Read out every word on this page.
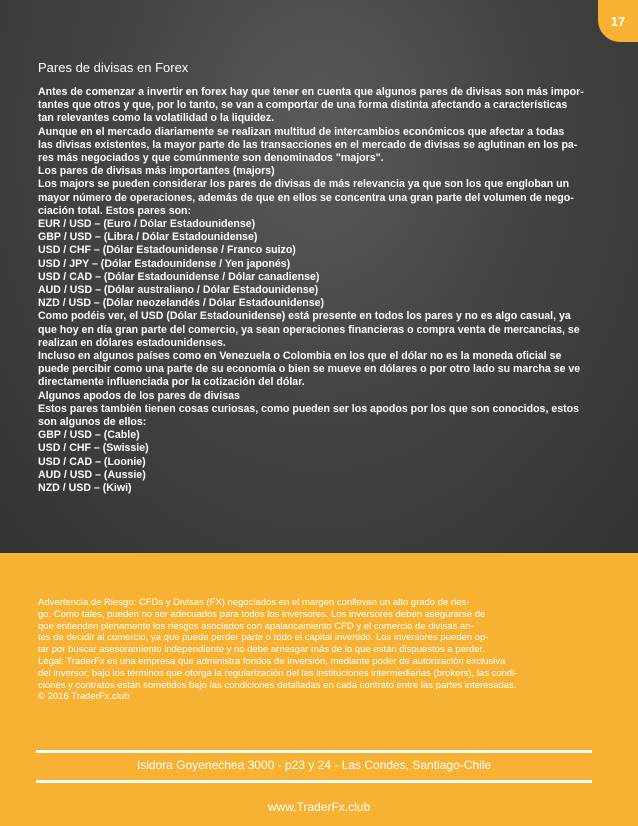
17
Pares de divisas en Forex

Antes de comenzar a invertir en forex hay que tener en cuenta que algunos pares de divisas son más impor-

tantes que otros y que, por lo tanto, se van a comportar de una forma distinta afectando a características

tan relevantes como la volatilidad o la liquidez.

Aunque en el mercado diariamente se realizan multitud de intercambios económicos que afectar a todas

las divisas existentes, la mayor parte de las transacciones en el mercado de divisas se aglutinan en los pa-

res más negociados y que comúnmente son denominados "majors".

Los pares de divisas más importantes (majors)

Los majors se pueden considerar los pares de divisas de más relevancia ya que son los que engloban un

mayor número de operaciones, además de que en ellos se concentra una gran parte del volumen de nego-

ciación total. Estos pares son:

EUR / USD – (Euro / Dólar Estadounidense)

GBP / USD – (Libra / Dólar Estadounidense)

USD / CHF – (Dólar Estadounidense / Franco suizo)

USD / JPY – (Dólar Estadounidense / Yen japonés)

USD / CAD – (Dólar Estadounidense / Dólar canadiense)

AUD / USD – (Dólar australiano / Dólar Estadounidense)

NZD / USD – (Dólar neozelandés / Dólar Estadounidense)

Como podéis ver, el USD (Dólar Estadounidense) está presente en todos los pares y no es algo casual, ya

que hoy en día gran parte del comercio, ya sean operaciones financieras o compra venta de mercancías, se

realizan en dólares estadounidenses.

Incluso en algunos países como en Venezuela o Colombia en los que el dólar no es la moneda oficial se

puede percibir como una parte de su economía o bien se mueve en dólares o por otro lado su marcha se ve

directamente influenciada por la cotización del dólar.

Algunos apodos de los pares de divisas

Estos pares también tienen cosas curiosas, como pueden ser los apodos por los que son conocidos, estos

son algunos de ellos:

GBP / USD – (Cable)

USD / CHF – (Swissie)

USD / CAD – (Loonie)

AUD / USD – (Aussie)

NZD / USD – (Kiwi)

Advertencia de Riesgo: CFDs y Divisas (FX) negociados en el margen conllevan un alto grado de ries-

go. Como tales, pueden no ser adecuados para todos los inversores. Los inversores deben asegurarse de

que entienden plenamente los riesgos asociados con apalancamiento CFD y el comercio de divisas an-

tes de decidir al comercio, ya que puede perder parte o todo el capital invertido. Los inversores pueden op-

tar por buscar asesoramiento independiente y no debe arriesgar más de lo que están dispuestos a perder.

Legal: TraderFx es una empresa que administra fondos de inversión, mediante poder de autorización exclusiva

del inversor, bajo los términos que otorga la regularización del las instituciones intermediarias (brokers), las condi-

ciones y contratos están sometidos bajo las condiciones detalladas en cada contrato entre las partes interesadas.

© 2016 TraderFx.club

Isidora Goyenechea 3000 - p23 y 24 - Las Condes, Santiago-Chile
www.TraderFx.club
